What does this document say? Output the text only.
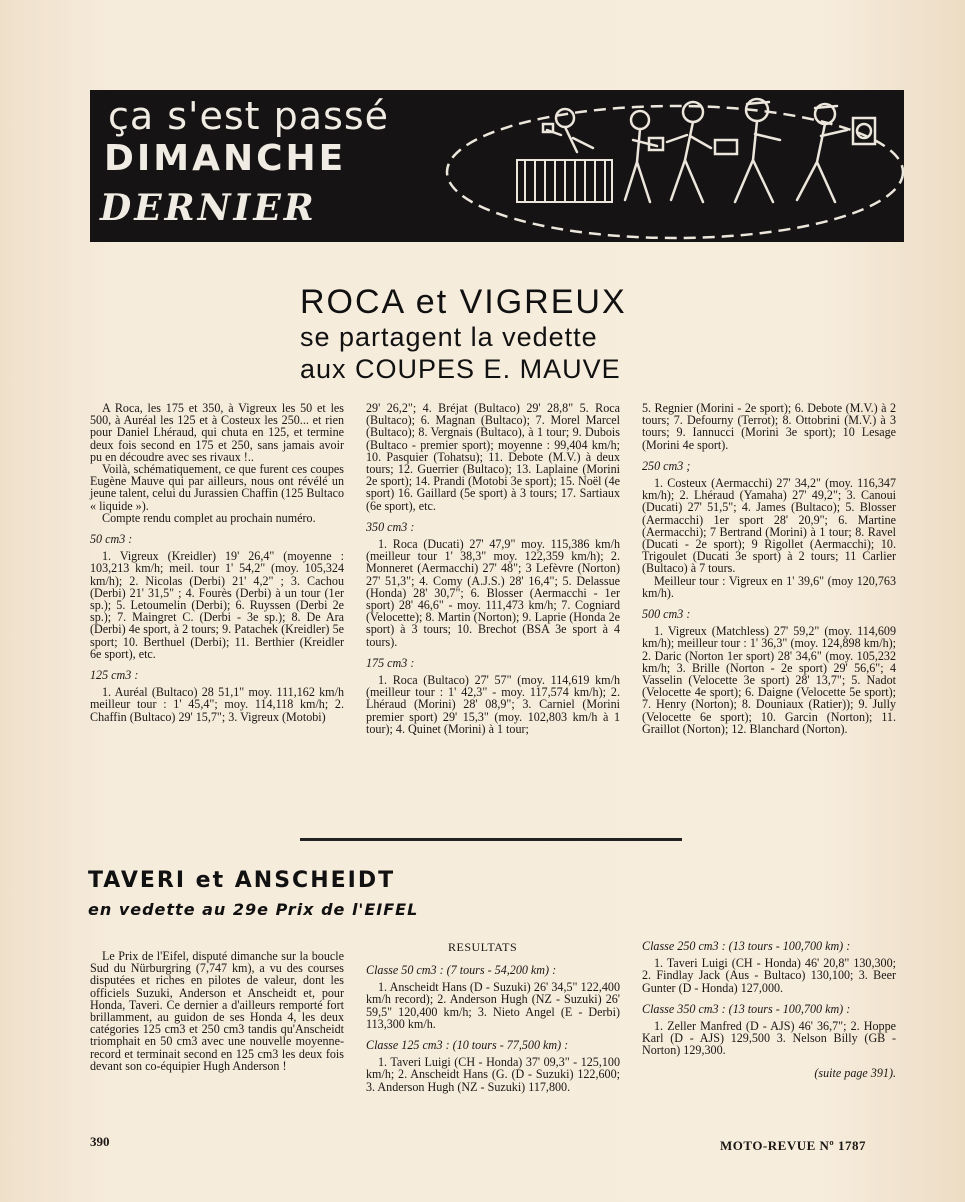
ça s'est passé
DIMANCHE
DERNIER
ROCA et VIGREUX
se partagent la vedette
aux COUPES E. MAUVE

A Roca, les 175 et 350, à Vigreux les 50 et les 500, à Auréal les 125 et à Costeux les 250... et rien pour Daniel Lhéraud, qui chuta en 125, et termine deux fois second en 175 et 250, sans jamais avoir pu en découdre avec ses rivaux !..

Voilà, schématiquement, ce que furent ces coupes Eugène Mauve qui par ailleurs, nous ont révélé un jeune talent, celui du Jurassien Chaffin (125 Bultaco « liquide »).

Compte rendu complet au prochain numéro.

50 cm3 :

1. Vigreux (Kreidler) 19' 26,4" (moyenne : 103,213 km/h; meil. tour 1' 54,2" (moy. 105,324 km/h); 2. Nicolas (Derbi) 21' 4,2" ; 3. Cachou (Derbi) 21' 31,5" ; 4. Fourès (Derbi) à un tour (1er sp.); 5. Letoumelin (Derbi); 6. Ruyssen (Derbi 2e sp.); 7. Maingret C. (Derbi - 3e sp.); 8. De Ara (Derbi) 4e sport, à 2 tours; 9. Patachek (Kreidler) 5e sport; 10. Berthuel (Derbi); 11. Berthier (Kreidler 6e sport), etc.

125 cm3 :

1. Auréal (Bultaco) 28 51,1" moy. 111,162 km/h meilleur tour : 1' 45,4"; moy. 114,118 km/h; 2. Chaffin (Bultaco) 29' 15,7"; 3. Vigreux (Motobi)

29' 26,2"; 4. Bréjat (Bultaco) 29' 28,8" 5. Roca (Bultaco); 6. Magnan (Bultaco); 7. Morel Marcel (Bultaco); 8. Vergnais (Bultaco), à 1 tour; 9. Dubois (Bultaco - premier sport); moyenne : 99,404 km/h; 10. Pasquier (Tohatsu); 11. Debote (M.V.) à deux tours; 12. Guerrier (Bultaco); 13. Laplaine (Morini 2e sport); 14. Prandi (Motobi 3e sport); 15. Noël (4e sport) 16. Gaillard (5e sport) à 3 tours; 17. Sartiaux (6e sport), etc.

350 cm3 :

1. Roca (Ducati) 27' 47,9" moy. 115,386 km/h (meilleur tour 1' 38,3" moy. 122,359 km/h); 2. Monneret (Aermacchi) 27' 48"; 3 Lefèvre (Norton) 27' 51,3"; 4. Comy (A.J.S.) 28' 16,4"; 5. Delassue (Honda) 28' 30,7"; 6. Blosser (Aermacchi - 1er sport) 28' 46,6" - moy. 111,473 km/h; 7. Cogniard (Velocette); 8. Martin (Norton); 9. Laprie (Honda 2e sport) à 3 tours; 10. Brechot (BSA 3e sport à 4 tours).

175 cm3 :

1. Roca (Bultaco) 27' 57" (moy. 114,619 km/h (meilleur tour : 1' 42,3" - moy. 117,574 km/h); 2. Lhéraud (Morini) 28' 08,9"; 3. Carniel (Morini premier sport) 29' 15,3" (moy. 102,803 km/h à 1 tour); 4. Quinet (Morini) à 1 tour;

5. Regnier (Morini - 2e sport); 6. Debote (M.V.) à 2 tours; 7. Defourny (Terrot); 8. Ottobrini (M.V.) à 3 tours; 9. Iannucci (Morini 3e sport); 10 Lesage (Morini 4e sport).

250 cm3 ;

1. Costeux (Aermacchi) 27' 34,2" (moy. 116,347 km/h); 2. Lhéraud (Yamaha) 27' 49,2"; 3. Canoui (Ducati) 27' 51,5"; 4. James (Bultaco); 5. Blosser (Aermacchi) 1er sport 28' 20,9"; 6. Martine (Aermacchi); 7 Bertrand (Morini) à 1 tour; 8. Ravel (Ducati - 2e sport); 9 Rigollet (Aermacchi); 10. Trigoulet (Ducati 3e sport) à 2 tours; 11 Carlier (Bultaco) à 7 tours.

Meilleur tour : Vigreux en 1' 39,6" (moy 120,763 km/h).

500 cm3 :

1. Vigreux (Matchless) 27' 59,2" (moy. 114,609 km/h); meilleur tour : 1' 36,3" (moy. 124,898 km/h); 2. Daric (Norton 1er sport) 28' 34,6" (moy. 105,232 km/h; 3. Brille (Norton - 2e sport) 29' 56,6"; 4 Vasselin (Velocette 3e sport) 28' 13,7"; 5. Nadot (Velocette 4e sport); 6. Daigne (Velocette 5e sport); 7. Henry (Norton); 8. Douniaux (Ratier)); 9. Jully (Velocette 6e sport); 10. Garcin (Norton); 11. Graillot (Norton); 12. Blanchard (Norton).

TAVERI et ANSCHEIDT
en vedette au 29e Prix de l'EIFEL

Le Prix de l'Eifel, disputé dimanche sur la boucle Sud du Nürburgring (7,747 km), a vu des courses disputées et riches en pilotes de valeur, dont les officiels Suzuki, Anderson et Anscheidt et, pour Honda, Taveri. Ce dernier a d'ailleurs remporté fort brillamment, au guidon de ses Honda 4, les deux catégories 125 cm3 et 250 cm3 tandis qu'Anscheidt triomphait en 50 cm3 avec une nouvelle moyenne-record et terminait second en 125 cm3 les deux fois devant son co-équipier Hugh Anderson !

RESULTATS

Classe 50 cm3 : (7 tours - 54,200 km) :

1. Anscheidt Hans (D - Suzuki) 26' 34,5" 122,400 km/h record); 2. Anderson Hugh (NZ - Suzuki) 26' 59,5" 120,400 km/h; 3. Nieto Angel (E - Derbi) 113,300 km/h.

Classe 125 cm3 : (10 tours - 77,500 km) :

1. Taveri Luigi (CH - Honda) 37' 09,3" - 125,100 km/h; 2. Anscheidt Hans (G. (D - Suzuki) 122,600; 3. Anderson Hugh (NZ - Suzuki) 117,800.

Classe 250 cm3 : (13 tours - 100,700 km) :

1. Taveri Luigi (CH - Honda) 46' 20,8" 130,300; 2. Findlay Jack (Aus - Bultaco) 130,100; 3. Beer Gunter (D - Honda) 127,000.

Classe 350 cm3 : (13 tours - 100,700 km) :

1. Zeller Manfred (D - AJS) 46' 36,7"; 2. Hoppe Karl (D - AJS) 129,500 3. Nelson Billy (GB - Norton) 129,300.

(suite page 391).

390	MOTO-REVUE Nº 1787
